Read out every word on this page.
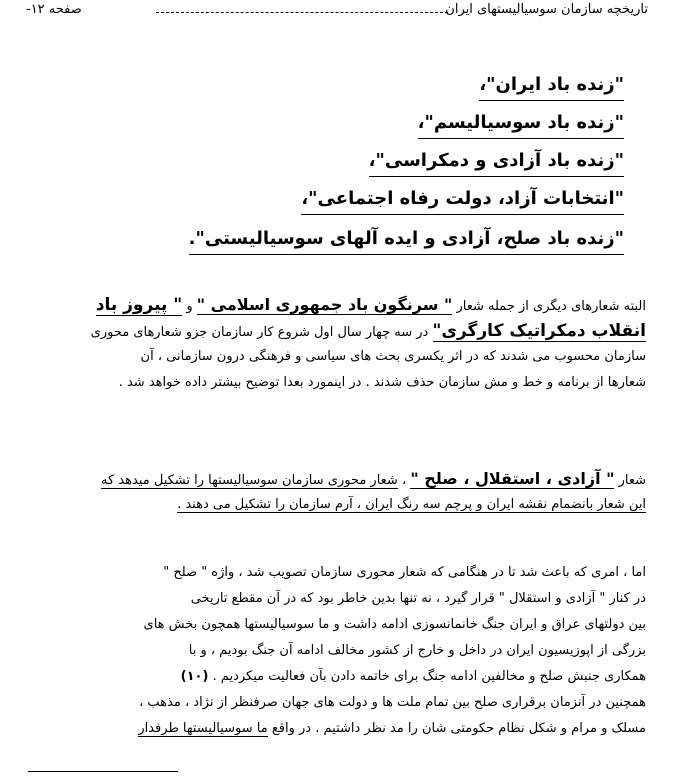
تاریخچه سازمان سوسیالیستهای ایران
صفحه ۱۲-
"زنده باد ایران"،
"زنده باد سوسیالیسم"،
"زنده باد آزادی و دمکراسی"،
"انتخابات آزاد، دولت رفاه اجتماعی"،
"زنده باد صلح، آزادی و ایده آلهای سوسیالیستی".
البته شعارهای دیگری از جمله شعار " سرنگون باد جمهوری اسلامی " و " پیروز باد
انقلاب دمکراتیک کارگری" در سه چهار سال اول شروع کار سازمان جزو شعارهای محوری
سازمان محسوب می شدند که در اثر یکسری بحث های سیاسی و فرهنگی درون سازمانی ، آن
شعارها از برنامه و خط و مش سازمان حذف شدند . در اینمورد بعدا توضیح بیشتر داده خواهد شد .
شعار " آزادی ، استقلال ، صلح " ، شعار محوری سازمان سوسیالیستها را تشکیل میدهد که
این شعار بانضمام نقشه ایران و پرچم سه رنگ ایران ، آرم سازمان را تشکیل می دهند .
اما ، امری که باعث شد تا در هنگامی که شعار محوری سازمان تصویب شد ، واژه " صلح "
در کنار " آزادی و استقلال " قرار گیرد ، نه تنها بدین خاطر بود که در آن مقطع تاریخی
بین دولتهای عراق و ایران جنگ خانمانسوزی ادامه داشت و ما سوسیالیستها همچون بخش های
بزرگی از اپوزیسیون ایران در داخل و خارج از کشور مخالف ادامه آن جنگ بودیم ، و با
همکاری جنبش صلح و مخالفین ادامه جنگ برای خاتمه دادن بآن فعالیت میکردیم . (۱۰)
همچنین در آنزمان برقراری صلح بین تمام ملت ها و دولت های جهان صرفنظر از نژاد ، مذهب ،
مسلک و مرام و شکل نظام حکومتی شان را مد نظر داشتیم . در واقع ما سوسیالیستها طرفدار
